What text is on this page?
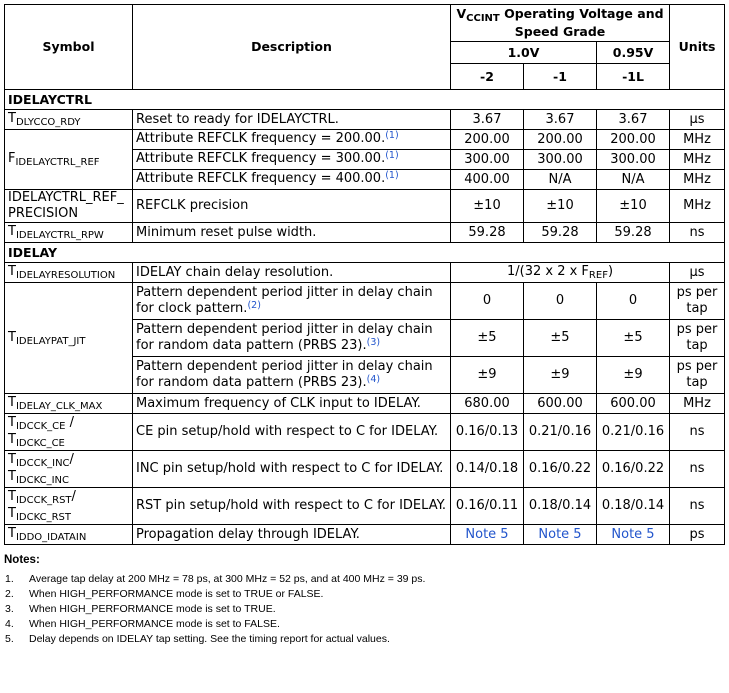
Symbol	Description	$V_{CCINT}$ Operating Voltage and Speed Grade			Units
		1.0V		0.95V	
		-2	-1	-1L	
IDELAYCTRL					
$T_{DLYCCO\_RDY}$	Reset to ready for IDELAYCTRL.	3.67	3.67	3.67	μs
$F_{IDELAYCTRL\_REF}$	Attribute REFCLK frequency = 200.00.$^{(1)}$	200.00	200.00	200.00	MHz
	Attribute REFCLK frequency = 300.00.$^{(1)}$	300.00	300.00	300.00	MHz
	Attribute REFCLK frequency = 400.00.$^{(1)}$	400.00	N/A	N/A	MHz
IDELAYCTRL_REF_
PRECISION	REFCLK precision	±10	±10	±10	MHz
$T_{IDELAYCTRL\_RPW}$	Minimum reset pulse width.	59.28	59.28	59.28	ns
IDELAY					
$T_{IDELAYRESOLUTION}$	IDELAY chain delay resolution.	1/(32 x 2 x $F_{REF}$)			μs
$T_{IDELAYPAT\_JIT}$	Pattern dependent period jitter in delay chain for clock pattern.$^{(2)}$	0	0	0	ps per tap
	Pattern dependent period jitter in delay chain for random data pattern (PRBS 23).$^{(3)}$	±5	±5	±5	ps per tap
	Pattern dependent period jitter in delay chain for random data pattern (PRBS 23).$^{(4)}$	±9	±9	±9	ps per tap
$T_{IDELAY\_CLK\_MAX}$	Maximum frequency of CLK input to IDELAY.	680.00	600.00	600.00	MHz
$T_{IDCCK\_CE}$ /
$T_{IDCKC\_CE}$	CE pin setup/hold with respect to C for IDELAY.	0.16/0.13	0.21/0.16	0.21/0.16	ns
$T_{IDCCK\_INC}/$
$T_{IDCKC\_INC}$	INC pin setup/hold with respect to C for IDELAY.	0.14/0.18	0.16/0.22	0.16/0.22	ns
$T_{IDCCK\_RST}/$
$T_{IDCKC\_RST}$	RST pin setup/hold with respect to C for IDELAY.	0.16/0.11	0.18/0.14	0.18/0.14	ns
$T_{IDDO\_IDATAIN}$	Propagation delay through IDELAY.	Note 5	Note 5	Note 5	ps
Notes:
1.	Average tap delay at 200 MHz = 78 ps, at 300 MHz = 52 ps, and at 400 MHz = 39 ps.
2.	When HIGH_PERFORMANCE mode is set to TRUE or FALSE.
3.	When HIGH_PERFORMANCE mode is set to TRUE.
4.	When HIGH_PERFORMANCE mode is set to FALSE.
5.	Delay depends on IDELAY tap setting. See the timing report for actual values.
